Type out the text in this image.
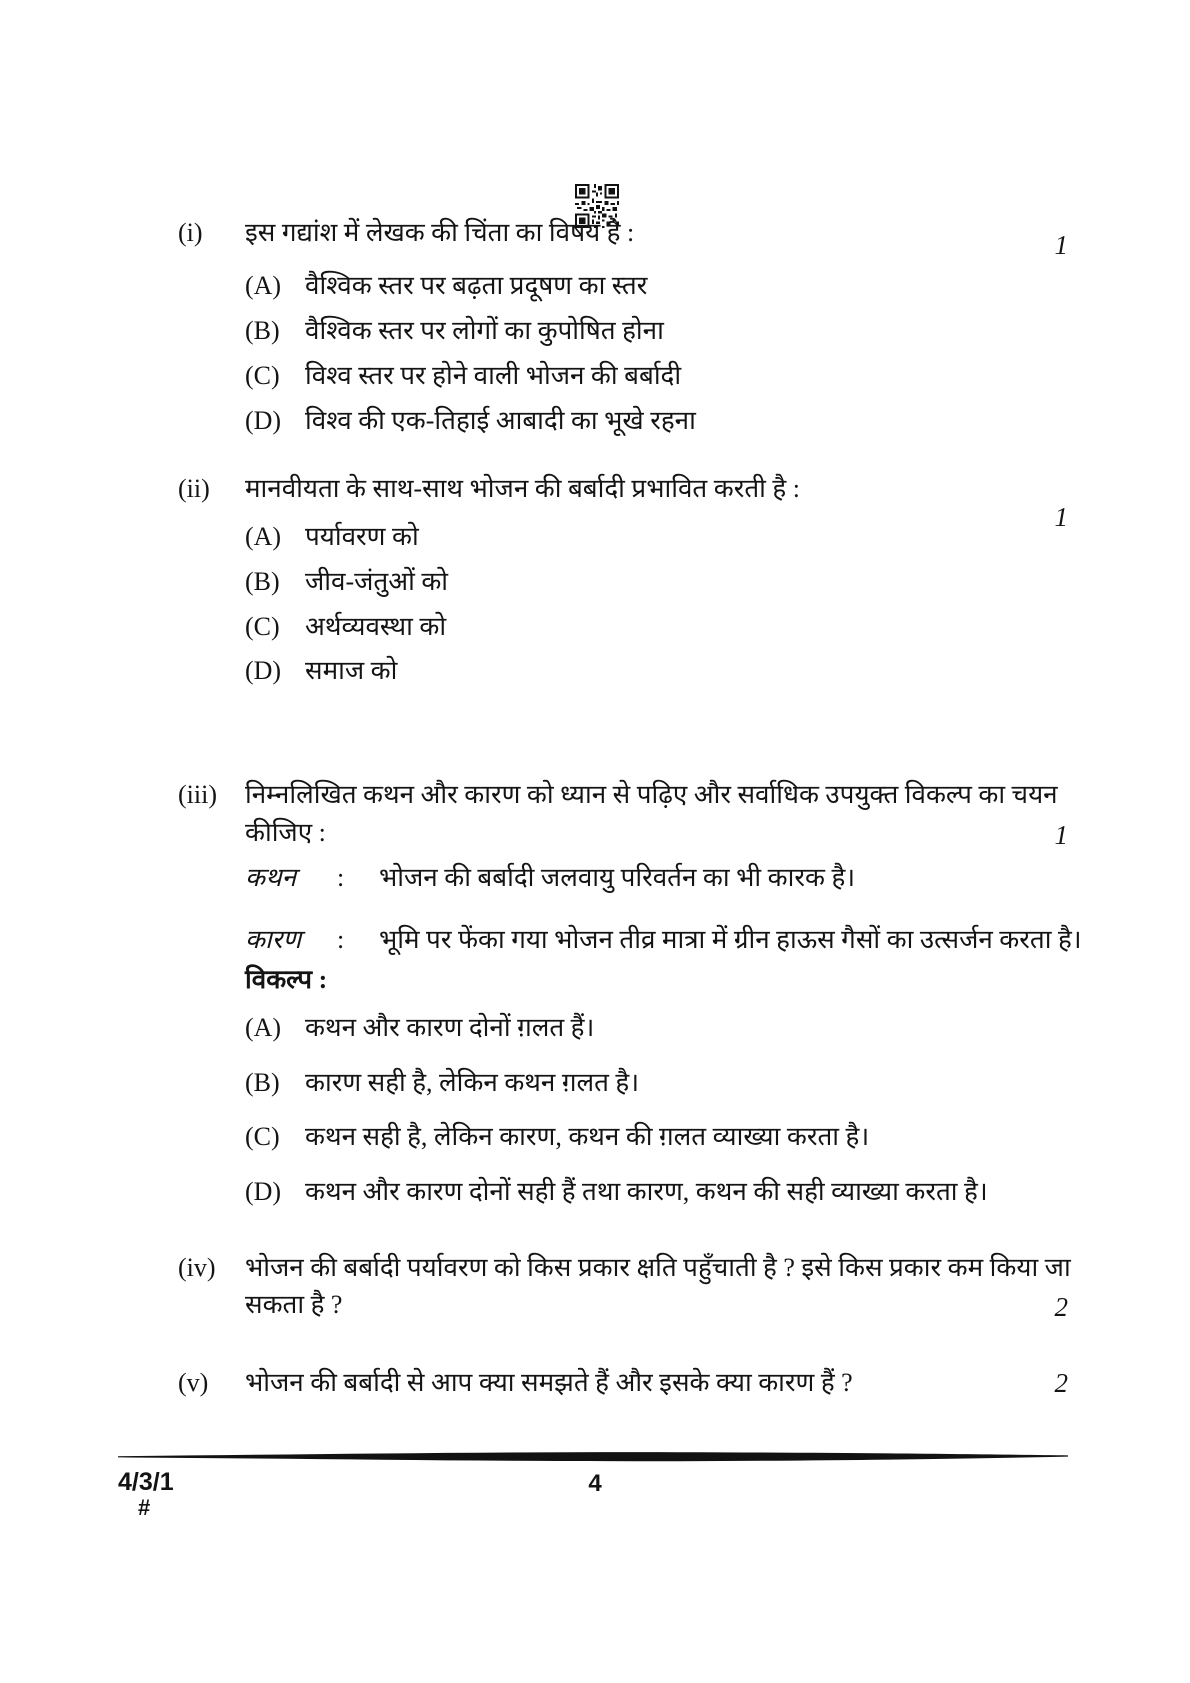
(i) इस गद्यांश में लेखक की चिंता का विषय है :	1
(A) वैश्विक स्तर पर बढ़ता प्रदूषण का स्तर
(B) वैश्विक स्तर पर लोगों का कुपोषित होना
(C) विश्व स्तर पर होने वाली भोजन की बर्बादी
(D) विश्व की एक-तिहाई आबादी का भूखे रहना
(ii) मानवीयता के साथ-साथ भोजन की बर्बादी प्रभावित करती है :
1
(A) पर्यावरण को
(B) जीव-जंतुओं को
(C) अर्थव्यवस्था को
(D) समाज को
(iii) निम्नलिखित कथन और कारण को ध्यान से पढ़िए और सर्वाधिक उपयुक्त विकल्प का चयन
कीजिए :	1
कथन : भोजन की बर्बादी जलवायु परिवर्तन का भी कारक है।
कारण : भूमि पर फेंका गया भोजन तीव्र मात्रा में ग्रीन हाऊस गैसों का उत्सर्जन करता है।
विकल्प :
(A) कथन और कारण दोनों ग़लत हैं।
(B) कारण सही है, लेकिन कथन ग़लत है।
(C) कथन सही है, लेकिन कारण, कथन की ग़लत व्याख्या करता है।
(D) कथन और कारण दोनों सही हैं तथा कारण, कथन की सही व्याख्या करता है।
(iv) भोजन की बर्बादी पर्यावरण को किस प्रकार क्षति पहुँचाती है ? इसे किस प्रकार कम किया जा
सकता है ?	2
(v) भोजन की बर्बादी से आप क्या समझते हैं और इसके क्या कारण हैं ?	2
4/3/1
#
4
